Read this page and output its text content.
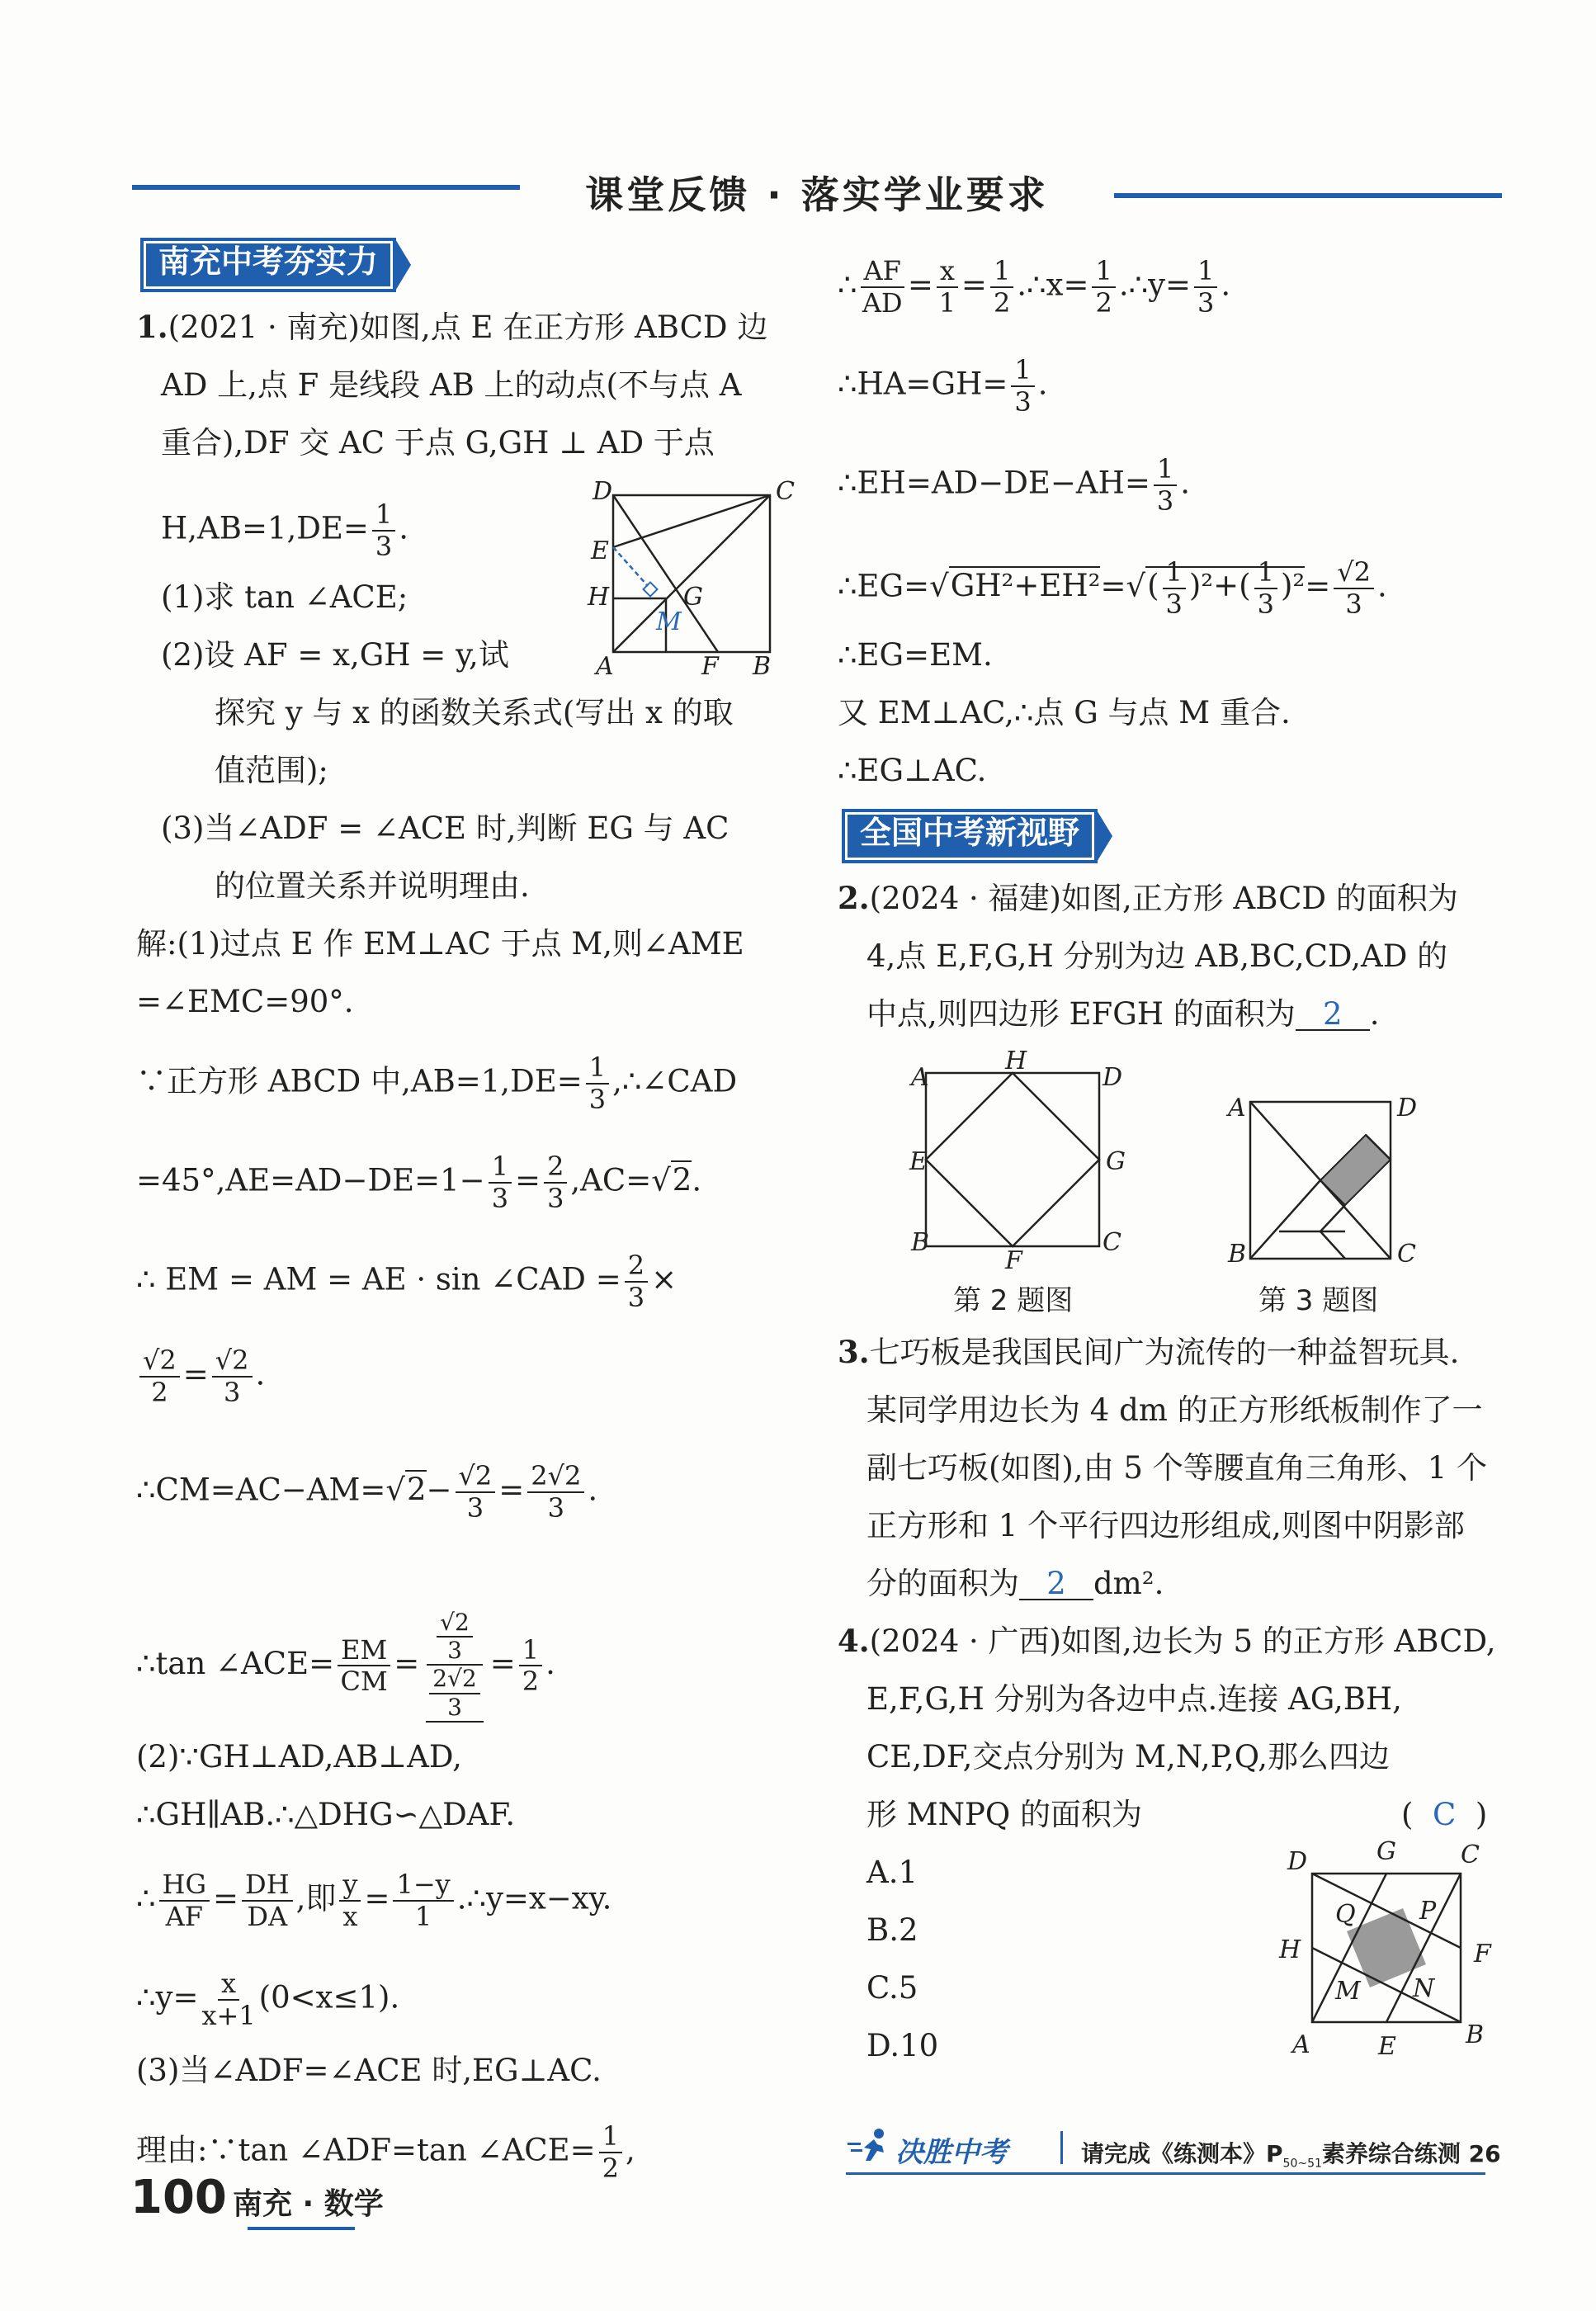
课堂反馈 · 落实学业要求
南充中考夯实力
1.(2021 · 南充)如图,点 E 在正方形 ABCD 边
AD 上,点 F 是线段 AB 上的动点(不与点 A
重合),DF 交 AC 于点 G,GH ⊥ AD 于点
$H,AB=1,DE= \frac{1}{3}$ .
(1)求 tan ∠ACE;
(2)设 AF = x,GH = y,试
探究 y 与 x 的函数关系式(写出 x 的取
值范围);
(3)当∠ADF = ∠ACE 时,判断 EG 与 AC
的位置关系并说明理由.
D	C
E
H	G
M
A	F B
解:(1)过点 E 作 EM⊥AC 于点 M,则∠AME
=∠EMC=90°.
∵正方形 ABCD 中$,AB=1,DE= \frac{1}{3}$ ,∴∠CAD
$=45^\circ,AE=AD-DE=1- \frac{1}{3} = \frac{2}{3} ,AC=√2$.
∴ EM = AM = AE · sin ∠CAD = $\frac{2}{3}$ ×
$\frac{√2}{2} = \frac{√2}{3}$ .
∴CM=AC−AM=√2− $\frac{√2}{3} = \frac{2√2}{3}$ .
∴tan ∠ACE= $\frac{EM}{CM} = \frac{\frac{√2}{3}}{\frac{2√2}{3}} = \frac{1}{2}$ .
(2)∵GH⊥AD,AB⊥AD,
∴GH∥AB.∴△DHG∽△DAF.
∴ $\frac{HG}{AF} = \frac{DH}{DA}$ ,即 $\frac{y}{x} = \frac{1-y}{1}$ .∴y=x−xy.
∴y= $\frac{x}{x+1} (0<x\le 1)$.
(3)当∠ADF=∠ACE 时,EG⊥AC.
理由:∵tan ∠ADF=tan ∠ACE= $\frac{1}{2}$ ,
∴ $\frac{AF}{AD} = \frac{x}{1} = \frac{1}{2}$ .∴x= $\frac{1}{2}$ .∴y= $\frac{1}{3}$ .
∴HA=GH= $\frac{1}{3}$ .
∴EH=AD−DE−AH= $\frac{1}{3}$ .
∴EG=√GH²+EH²=√( $\frac{1}{3} )^2+( \frac{1}{3} )^2= \frac{√2}{3}$ .
∴EG=EM.
又 EM⊥AC,∴点 G 与点 M 重合.
∴EG⊥AC.
全国中考新视野
2.(2024 · 福建)如图,正方形 ABCD 的面积为
4,点 E,F,G,H 分别为边 AB,BC,CD,AD 的
中点,则四边形 EFGH 的面积为 2 .
A
H
D
E	G
B
F
C
第 2 题图
A	D
B	C
第 3 题图
3.七巧板是我国民间广为流传的一种益智玩具.
某同学用边长为 4 dm 的正方形纸板制作了一
副七巧板(如图),由 5 个等腰直角三角形、1 个
正方形和 1 个平行四边形组成,则图中阴影部
分的面积为 2 dm².
4.(2024 · 广西)如图,边长为 5 的正方形 ABCD,
E,F,G,H 分别为各边中点.连接 AG,BH,
CE,DF,交点分别为 M,N,P,Q,那么四边
形 MNPQ 的面积为	( C )
A.1
B.2
C.5
D.10
D	G	C
Q	P
H	F
M N
A	E	B
决胜中考	请完成《练测本》$P_{50\sim 51}$素养综合练测 26
100 南充 · 数学
